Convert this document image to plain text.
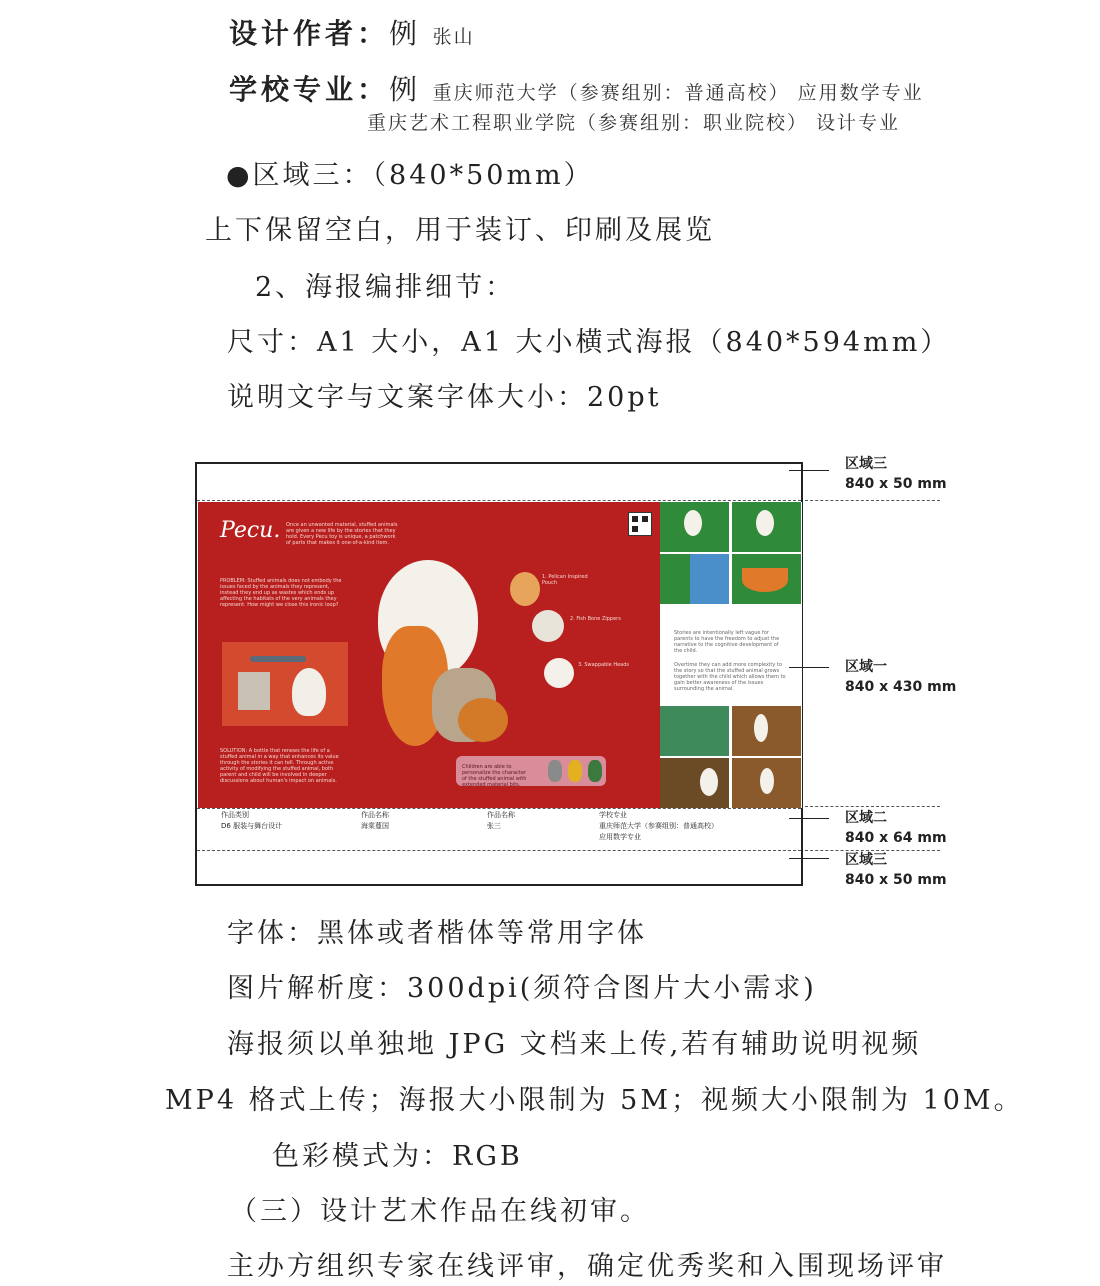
设计作者：例 张山
学校专业：例 重庆师范大学（参赛组别：普通高校） 应用数学专业
重庆艺术工程职业学院（参赛组别：职业院校） 设计专业
●区域三：（840*50mm）
上下保留空白，用于装订、印刷及展览
2、海报编排细节：
尺寸：A1 大小，A1 大小横式海报（840*594mm）
说明文字与文案字体大小：20pt
Pecu. Once an unwanted material, stuffed animals are given a new life by the stories that they hold. Every Pecu toy is unique, a patchwork of parts that makes it one-of-a-kind item.
PROBLEM: Stuffed animals does not embody the issues faced by the animals they represent, instead they end up as wastes which ends up affecting the habitats of the very animals they represent. How might we close this ironic loop?
SOLUTION: A bottle that renews the life of a stuffed animal in a way that enhances its value through the stories it can tell. Through active activity of modifying the stuffed animal, both parent and child will be involved in deeper discussions about human's impact on animals.
1. Pelican Inspired Pouch
2. Fish Bone Zippers
3. Swappable Heads
Children are able to personalize the character of the stuffed animal with extended material bits.
Stories are intentionally left vague for parents to have the freedom to adjust the narrative to the cognitive development of the child.
Overtime they can add more complexity to the story so that the stuffed animal grows together with the child which allows them to gain better awareness of the issues surrounding the animal.
作品类别
D6 服装与舞台设计
作品名称
海棠蔓国
作品名称
张三
学校专业
重庆师范大学（参赛组别：普通高校）
应用数学专业
区域三
840 x 50 mm
区域一
840 x 430 mm
区域二
840 x 64 mm
区域三
840 x 50 mm
字体：黑体或者楷体等常用字体
图片解析度：300dpi(须符合图片大小需求)
海报须以单独地 JPG 文档来上传,若有辅助说明视频
MP4 格式上传；海报大小限制为 5M；视频大小限制为 10M。
色彩模式为：RGB
（三）设计艺术作品在线初审。
主办方组织专家在线评审，确定优秀奖和入围现场评审
